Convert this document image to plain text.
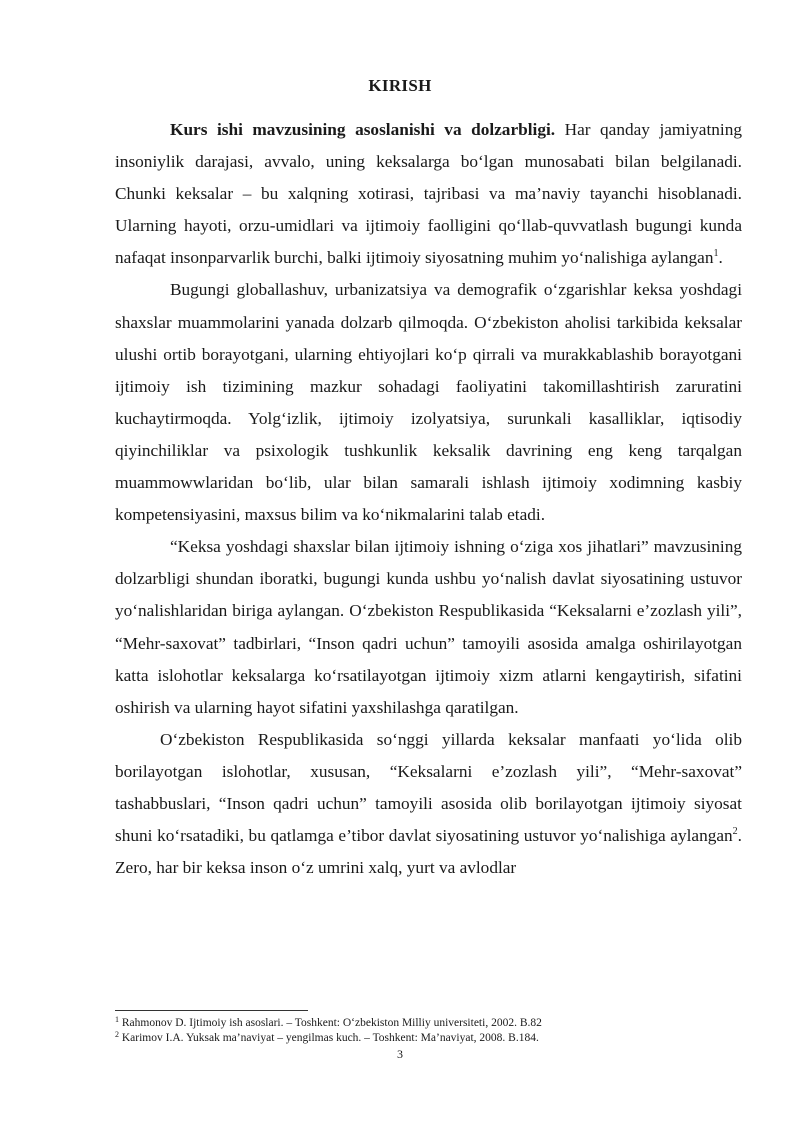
KIRISH

Kurs ishi mavzusining asoslanishi va dolzarbligi. Har qanday jamiyatning insoniylik darajasi, avvalo, uning keksalarga bo‘lgan munosabati bilan belgilanadi. Chunki keksalar – bu xalqning xotirasi, tajribasi va ma’naviy tayanchi hisoblanadi. Ularning hayoti, orzu-umidlari va ijtimoiy faolligini qo‘llab-quvvatlash bugungi kunda nafaqat insonparvarlik burchi, balki ijtimoiy siyosatning muhim yo‘nalishiga aylangan$^1$.

Bugungi globallashuv, urbanizatsiya va demografik o‘zgarishlar keksa yoshdagi shaxslar muammolarini yanada dolzarb qilmoqda. O‘zbekiston aholisi tarkibida keksalar ulushi ortib borayotgani, ularning ehtiyojlari ko‘p qirrali va murakkablashib borayotgani ijtimoiy ish tizimining mazkur sohadagi faoliyatini takomillashtirish zaruratini kuchaytirmoqda. Yolg‘izlik, ijtimoiy izolyatsiya, surunkali kasalliklar, iqtisodiy qiyinchiliklar va psixologik tushkunlik keksalik davrining eng keng tarqalgan muammowwlaridan bo‘lib, ular bilan samarali ishlash ijtimoiy xodimning kasbiy kompetensiyasini, maxsus bilim va ko‘nikmalarini talab etadi.

“Keksa yoshdagi shaxslar bilan ijtimoiy ishning o‘ziga xos jihatlari” mavzusining dolzarbligi shundan iboratki, bugungi kunda ushbu yo‘nalish davlat siyosatining ustuvor yo‘nalishlaridan biriga aylangan. O‘zbekiston Respublikasida “Keksalarni e’zozlash yili”, “Mehr-saxovat” tadbirlari, “Inson qadri uchun” tamoyili asosida amalga oshirilayotgan katta islohotlar keksalarga ko‘rsatilayotgan ijtimoiy xizm atlarni kengaytirish, sifatini oshirish va ularning hayot sifatini yaxshilashga qaratilgan.

O‘zbekiston Respublikasida so‘nggi yillarda keksalar manfaati yo‘lida olib borilayotgan islohotlar, xususan, “Keksalarni e’zozlash yili”, “Mehr-saxovat” tashabbuslari, “Inson qadri uchun” tamoyili asosida olib borilayotgan ijtimoiy siyosat shuni ko‘rsatadiki, bu qatlamga e’tibor davlat siyosatining ustuvor yo‘nalishiga aylangan$^2$. Zero, har bir keksa inson o‘z umrini xalq, yurt va avlodlar

$^1$ Rahmonov D. Ijtimoiy ish asoslari. – Toshkent: O‘zbekiston Milliy universiteti, 2002. B.82
$^2$ Karimov I.A. Yuksak ma’naviyat – yengilmas kuch. – Toshkent: Ma’naviyat, 2008. B.184.
3
